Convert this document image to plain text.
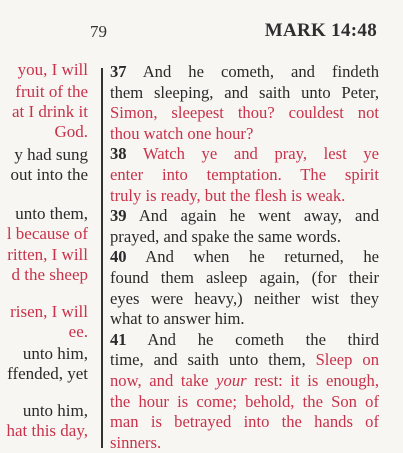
79	MARK 14:48
you, I will
fruit of the
at I drink it
God.
y had sung
out into the
unto them,
l because of
ritten, I will
d the sheep
risen, I will
ee.
unto him,
ffended, yet
unto him,
hat this day,
37 And he cometh, and findeth
them sleeping, and saith unto Peter,
Simon, sleepest thou? couldest not
thou watch one hour?
38 Watch ye and pray, lest ye
enter into temptation. The spirit
truly is ready, but the flesh is weak.
39 And again he went away, and
prayed, and spake the same words.
40 And when he returned, he
found them asleep again, (for their
eyes were heavy,) neither wist they
what to answer him.
41 And he cometh the third
time, and saith unto them, Sleep on
now, and take your rest: it is enough,
the hour is come; behold, the Son of
man is betrayed into the hands of
sinners.
